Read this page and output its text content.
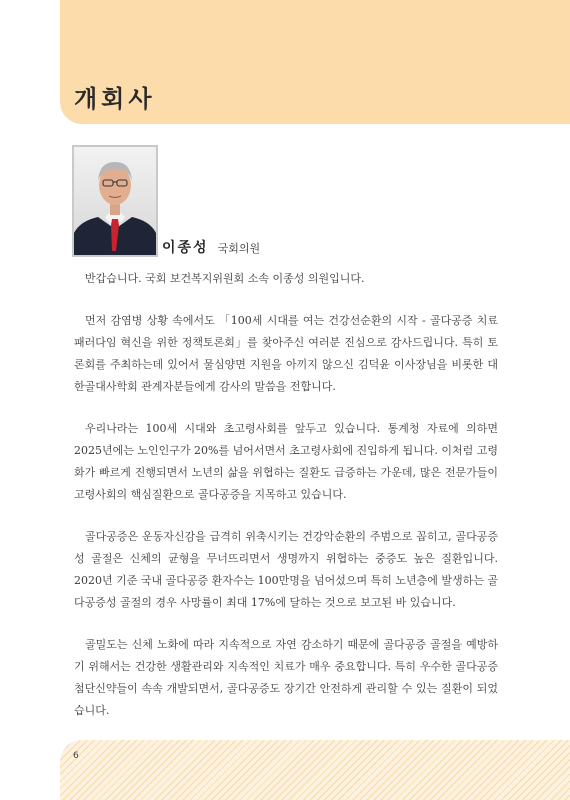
개회사
이종성 국회의원

반갑습니다. 국회 보건복지위원회 소속 이종성 의원입니다.

먼저 감염병 상황 속에서도 「100세 시대를 여는 건강선순환의 시작 - 골다공증 치료 패러다임 혁신을 위한 정책토론회」를 찾아주신 여러분 진심으로 감사드립니다. 특히 토론회를 주최하는데 있어서 물심양면 지원을 아끼지 않으신 김덕윤 이사장님을 비롯한 대한골대사학회 관계자분들에게 감사의 말씀을 전합니다.

우리나라는 100세 시대와 초고령사회를 앞두고 있습니다. 통계청 자료에 의하면 2025년에는 노인인구가 20%를 넘어서면서 초고령사회에 진입하게 됩니다. 이처럼 고령화가 빠르게 진행되면서 노년의 삶을 위협하는 질환도 급증하는 가운데, 많은 전문가들이 고령사회의 핵심질환으로 골다공증을 지목하고 있습니다.

골다공증은 운동자신감을 급격히 위축시키는 건강악순환의 주범으로 꼽히고, 골다공증성 골절은 신체의 균형을 무너뜨리면서 생명까지 위협하는 중증도 높은 질환입니다. 2020년 기준 국내 골다공증 환자수는 100만명을 넘어섰으며 특히 노년층에 발생하는 골다공증성 골절의 경우 사망률이 최대 17%에 달하는 것으로 보고된 바 있습니다.

골밀도는 신체 노화에 따라 지속적으로 자연 감소하기 때문에 골다공증 골절을 예방하기 위해서는 건강한 생활관리와 지속적인 치료가 매우 중요합니다. 특히 우수한 골다공증 첨단신약들이 속속 개발되면서, 골다공증도 장기간 안전하게 관리할 수 있는 질환이 되었습니다.

6
